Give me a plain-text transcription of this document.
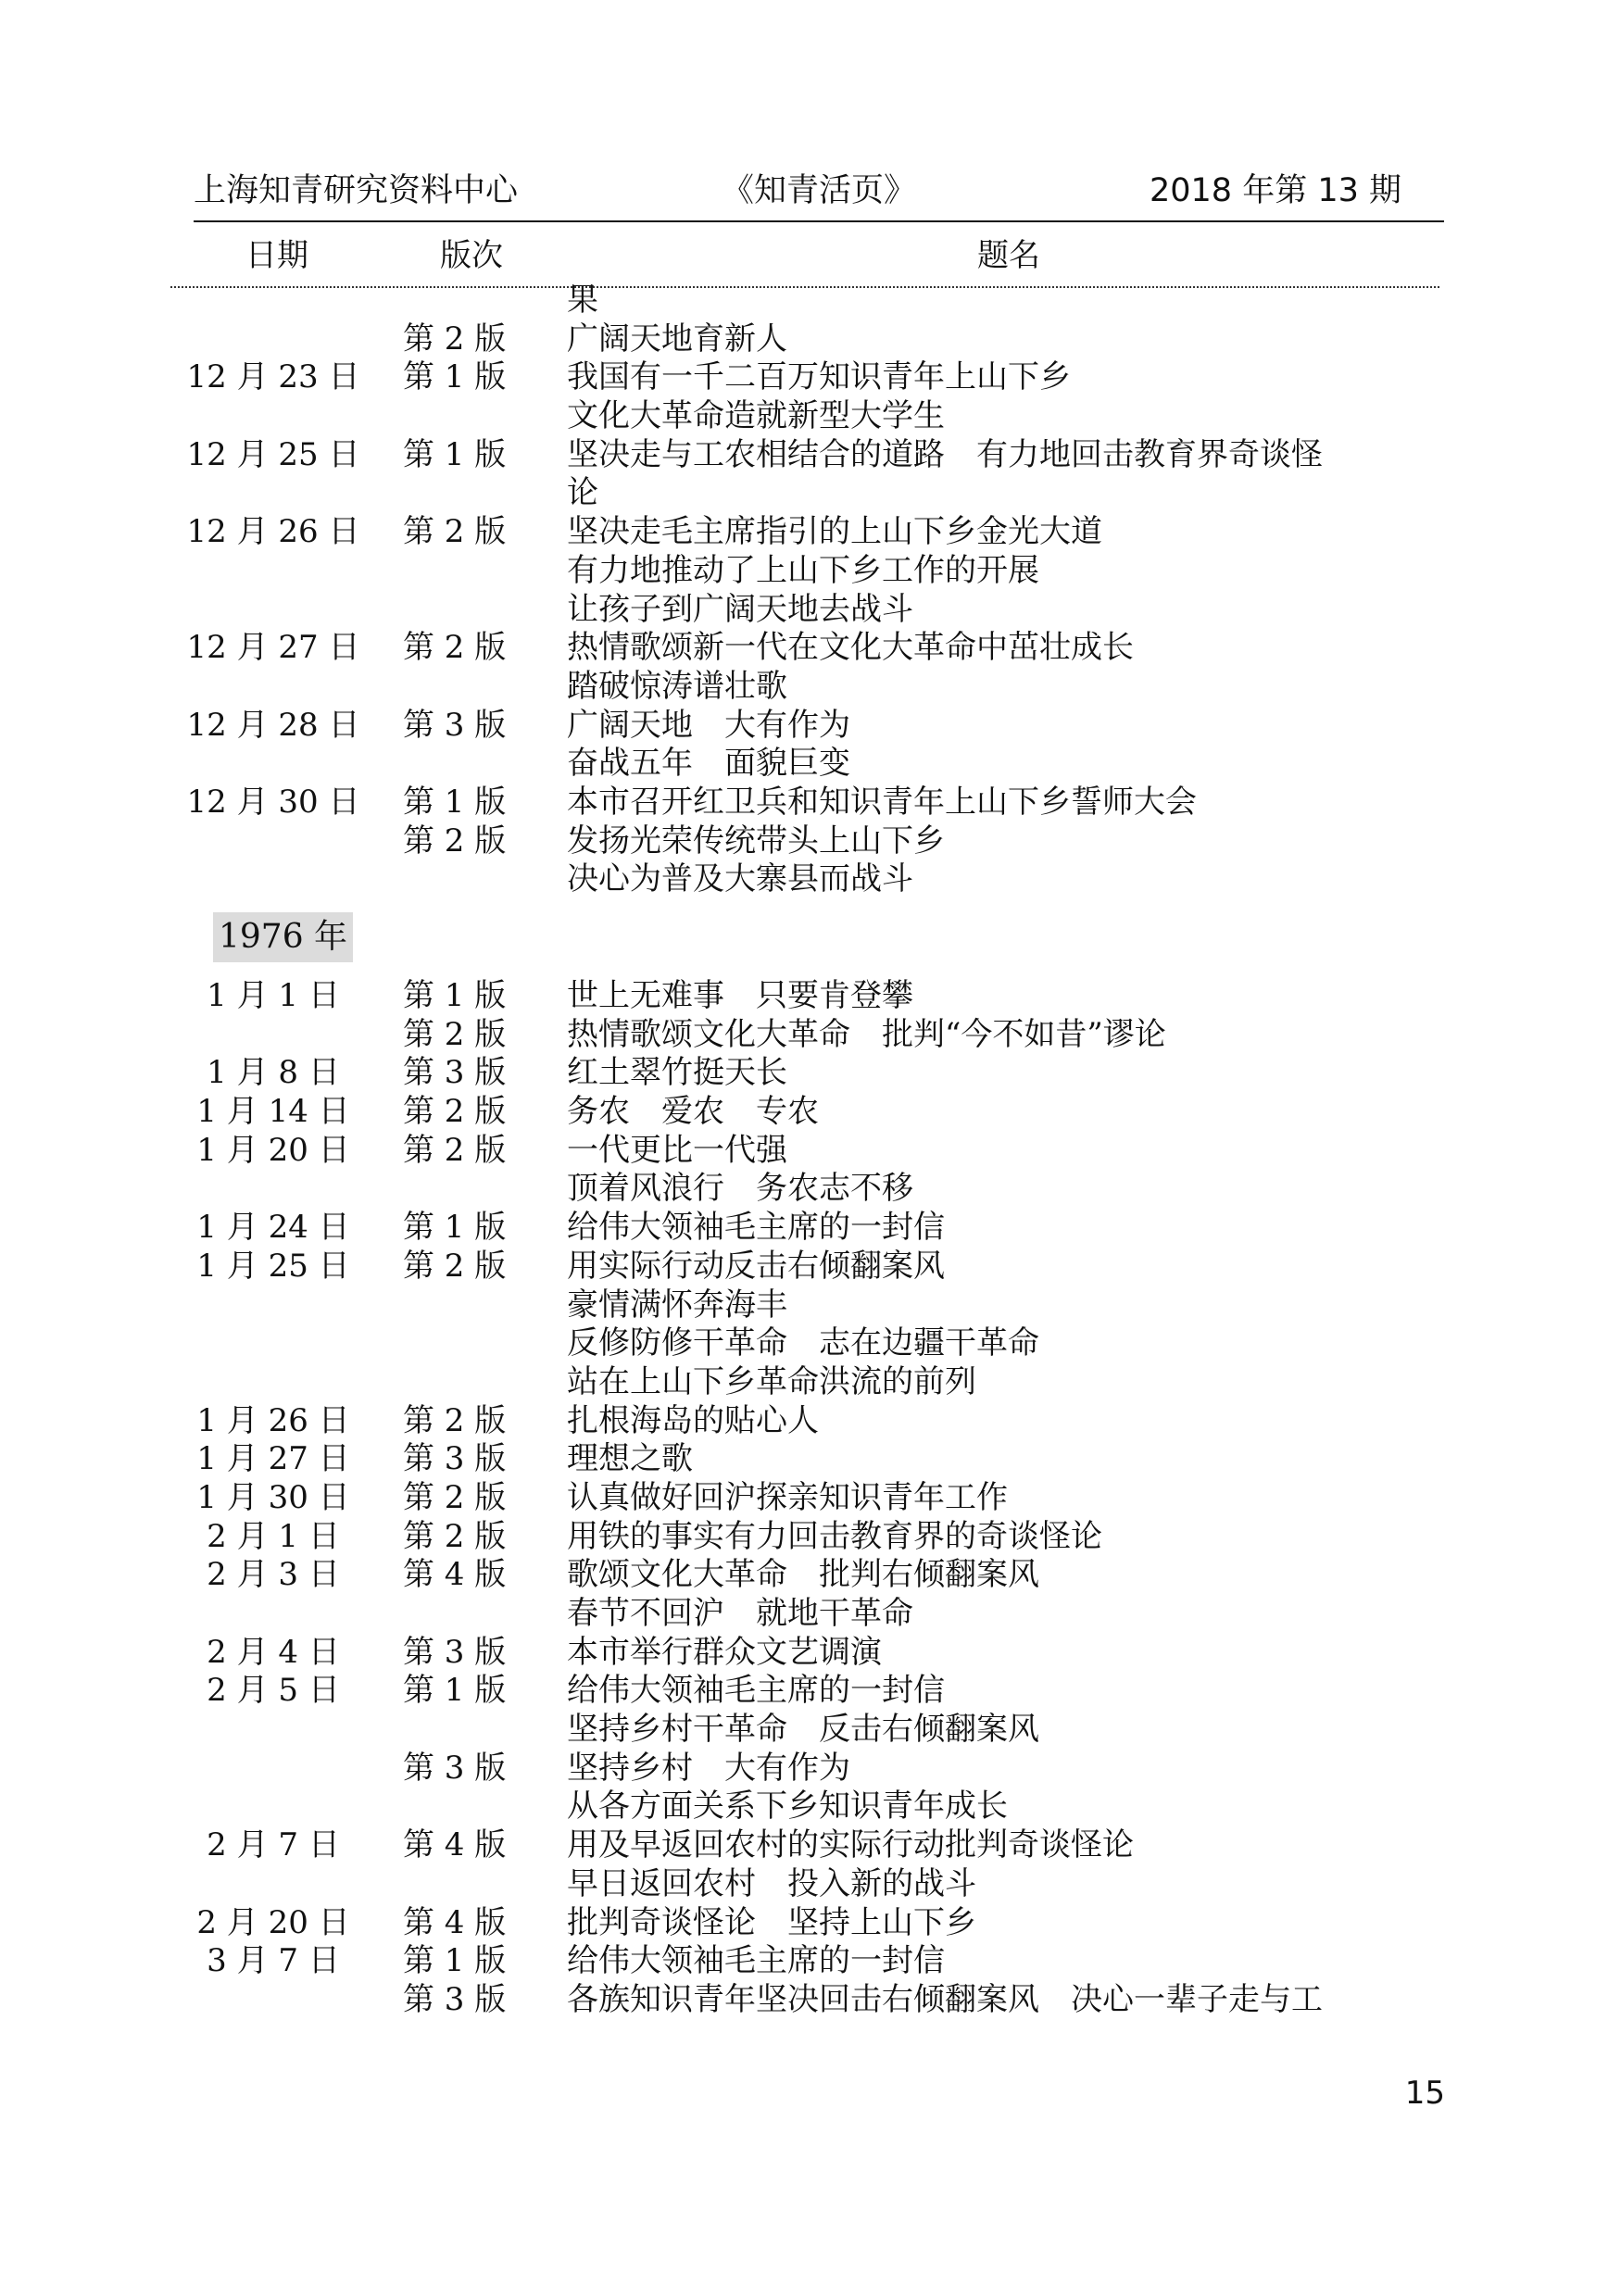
上海知青研究资料中心	《知青活页》	2018 年第 13 期
日期	版次	题名
果
第 2 版 广阔天地育新人
12 月 23 日 第 1 版 我国有一千二百万知识青年上山下乡
文化大革命造就新型大学生
12 月 25 日 第 1 版 坚决走与工农相结合的道路　有力地回击教育界奇谈怪
论
12 月 26 日 第 2 版 坚决走毛主席指引的上山下乡金光大道
有力地推动了上山下乡工作的开展
让孩子到广阔天地去战斗
12 月 27 日 第 2 版 热情歌颂新一代在文化大革命中茁壮成长
踏破惊涛谱壮歌
12 月 28 日 第 3 版 广阔天地　大有作为
奋战五年　面貌巨变
12 月 30 日 第 1 版 本市召开红卫兵和知识青年上山下乡誓师大会
第 2 版 发扬光荣传统带头上山下乡
决心为普及大寨县而战斗
1976 年
1 月 1 日	第 1 版 世上无难事　只要肯登攀
第 2 版 热情歌颂文化大革命　批判“今不如昔”谬论
1 月 8 日	第 3 版 红土翠竹挺天长
1 月 14 日	第 2 版 务农　爱农　专农
1 月 20 日	第 2 版 一代更比一代强
顶着风浪行　务农志不移
1 月 24 日	第 1 版 给伟大领袖毛主席的一封信
1 月 25 日	第 2 版 用实际行动反击右倾翻案风
豪情满怀奔海丰
反修防修干革命　志在边疆干革命
站在上山下乡革命洪流的前列
1 月 26 日	第 2 版 扎根海岛的贴心人
1 月 27 日	第 3 版 理想之歌
1 月 30 日	第 2 版 认真做好回沪探亲知识青年工作
2 月 1 日	第 2 版 用铁的事实有力回击教育界的奇谈怪论
2 月 3 日	第 4 版 歌颂文化大革命　批判右倾翻案风
春节不回沪　就地干革命
2 月 4 日	第 3 版 本市举行群众文艺调演
2 月 5 日	第 1 版 给伟大领袖毛主席的一封信
坚持乡村干革命　反击右倾翻案风
第 3 版 坚持乡村　大有作为
从各方面关系下乡知识青年成长
2 月 7 日	第 4 版 用及早返回农村的实际行动批判奇谈怪论
早日返回农村　投入新的战斗
2 月 20 日	第 4 版 批判奇谈怪论　坚持上山下乡
3 月 7 日	第 1 版 给伟大领袖毛主席的一封信
第 3 版 各族知识青年坚决回击右倾翻案风　决心一辈子走与工
15
